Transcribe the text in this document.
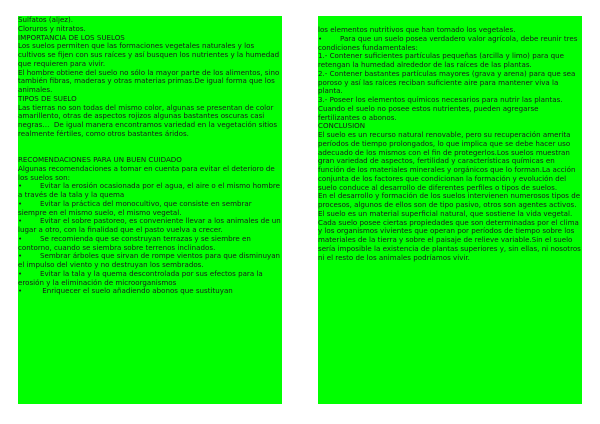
Sulfatos (aljez).

Cloruros y nitratos.

IMPORTANCIA DE LOS SUELOS

Los suelos permiten que las formaciones vegetales naturales y los cultivos se fijen con sus raíces y así busquen los nutrientes y la humedad que requieren para vivir.

El hombre obtiene del suelo no sólo la mayor parte de los alimentos, sino también fibras, maderas y otras materias primas.De igual forma que los animales.

TIPOS DE SUELO

Las tierras no son todas del mismo color, algunas se presentan de color amarillento, otras de aspectos rojizos algunas bastantes oscuras casi negras…  De igual manera encontramos variedad en la vegetación sitios realmente fértiles, como otros bastantes áridos.

RECOMENDACIONES PARA UN BUEN CUIDADO

Algunas recomendaciones a tomar en cuenta para evitar el deterioro de los suelos son:

•	Evitar la erosión ocasionada por el agua, el aire o el mismo hombre a través de la tala y la quema

•	Evitar la práctica del monocultivo, que consiste en sembrar siempre en el mismo suelo, el mismo vegetal.

•	Evitar el sobre pastoreo, es conveniente llevar a los animales de un lugar a otro, con la finalidad que el pasto vuelva a crecer.

•	Se recomienda que se construyan terrazas y se siembre en contorno, cuando se siembra sobre terrenos inclinados.

•	Sembrar árboles que sirvan de rompe vientos para que disminuyan el impulso del viento y no destruyan los sembrados.

•	Evitar la tala y la quema descontrolada por sus efectos para la erosión y la eliminación de microorganismos

•	Enriquecer el suelo añadiendo abonos que sustituyan

los elementos nutritivos que han tomado los vegetales.

•	Para que un suelo posea verdadero valor agrícola, debe reunir tres condiciones fundamentales:

1.- Contener suficientes partículas pequeñas (arcilla y limo) para que retengan la humedad alrededor de las raíces de las plantas.

2.- Contener bastantes partículas mayores (grava y arena) para que sea poroso y así las raíces reciban suficiente aire para mantener viva la planta.

3.- Poseer los elementos químicos necesarios para nutrir las plantas. Cuando el suelo no posee estos nutrientes, pueden agregarse fertilizantes o abonos.

CONCLUSION

El suelo es un recurso natural renovable, pero su recuperación amerita períodos de tiempo prolongados, lo que implica que se debe hacer uso adecuado de los mismos con el fin de protegerlos.Los suelos muestran gran variedad de aspectos, fertilidad y características químicas en función de los materiales minerales y orgánicos que lo forman.La acción conjunta de los factores que condicionan la formación y evolución del suelo conduce al desarrollo de diferentes perfiles o tipos de suelos.

En el desarrollo y formación de los suelos intervienen numerosos tipos de procesos, algunos de ellos son de tipo pasivo, otros son agentes activos.

El suelo es un material superficial natural, que sostiene la vida vegetal. Cada suelo posee ciertas propiedades que son determinadas por el clima y los organismos vivientes que operan por períodos de tiempo sobre los materiales de la tierra y sobre el paisaje de relieve variable.Sin el suelo sería imposible la existencia de plantas superiores y, sin ellas, ni nosotros ni el resto de los animales podríamos vivir.
